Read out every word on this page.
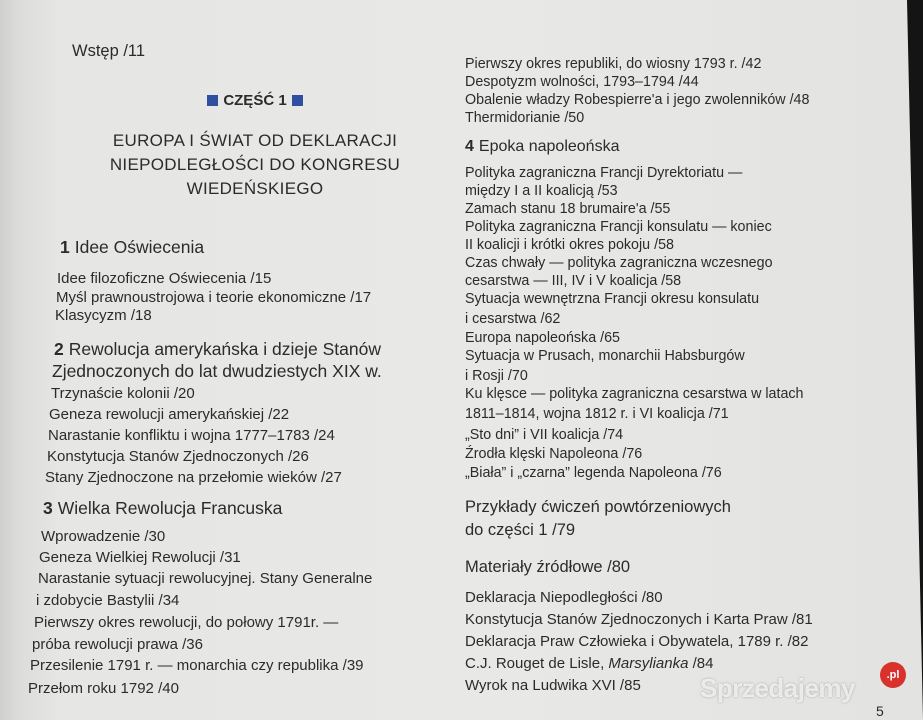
Wstęp /11
CZĘŚĆ 1
EUROPA I ŚWIAT OD DEKLARACJI
NIEPODLEGŁOŚCI DO KONGRESU
WIEDEŃSKIEGO
1 Idee Oświecenia
Idee filozoficzne Oświecenia /15
Myśl prawnoustrojowa i teorie ekonomiczne /17
Klasycyzm /18
2 Rewolucja amerykańska i dzieje Stanów
Zjednoczonych do lat dwudziestych XIX w.
Trzynaście kolonii /20
Geneza rewolucji amerykańskiej /22
Narastanie konfliktu i wojna 1777–1783 /24
Konstytucja Stanów Zjednoczonych /26
Stany Zjednoczone na przełomie wieków /27
3 Wielka Rewolucja Francuska
Wprowadzenie /30
Geneza Wielkiej Rewolucji /31
Narastanie sytuacji rewolucyjnej. Stany Generalne
i zdobycie Bastylii /34
Pierwszy okres rewolucji, do połowy 1791r. —
próba rewolucji prawa /36
Przesilenie 1791 r. — monarchia czy republika /39
Przełom roku 1792 /40
Pierwszy okres republiki, do wiosny 1793 r. /42
Despotyzm wolności, 1793–1794 /44
Obalenie władzy Robespierre'a i jego zwolenników /48
Thermidorianie /50
4 Epoka napoleońska
Polityka zagraniczna Francji Dyrektoriatu —
między I a II koalicją /53
Zamach stanu 18 brumaire'a /55
Polityka zagraniczna Francji konsulatu — koniec
II koalicji i krótki okres pokoju /58
Czas chwały — polityka zagraniczna wczesnego
cesarstwa — III, IV i V koalicja /58
Sytuacja wewnętrzna Francji okresu konsulatu
i cesarstwa /62
Europa napoleońska /65
Sytuacja w Prusach, monarchii Habsburgów
i Rosji /70
Ku klęsce — polityka zagraniczna cesarstwa w latach
1811–1814, wojna 1812 r. i VI koalicja /71
„Sto dni” i VII koalicja /74
Źrodła klęski Napoleona /76
„Biała” i „czarna” legenda Napoleona /76
Przykłady ćwiczeń powtórzeniowych
do części 1 /79
Materiały źródłowe /80
Deklaracja Niepodległości /80
Konstytucja Stanów Zjednoczonych i Karta Praw /81
Deklaracja Praw Człowieka i Obywatela, 1789 r. /82
C.J. Rouget de Lisle, Marsylianka /84
Wyrok na Ludwika XVI /85 Sprzedajemy	.pl
5
